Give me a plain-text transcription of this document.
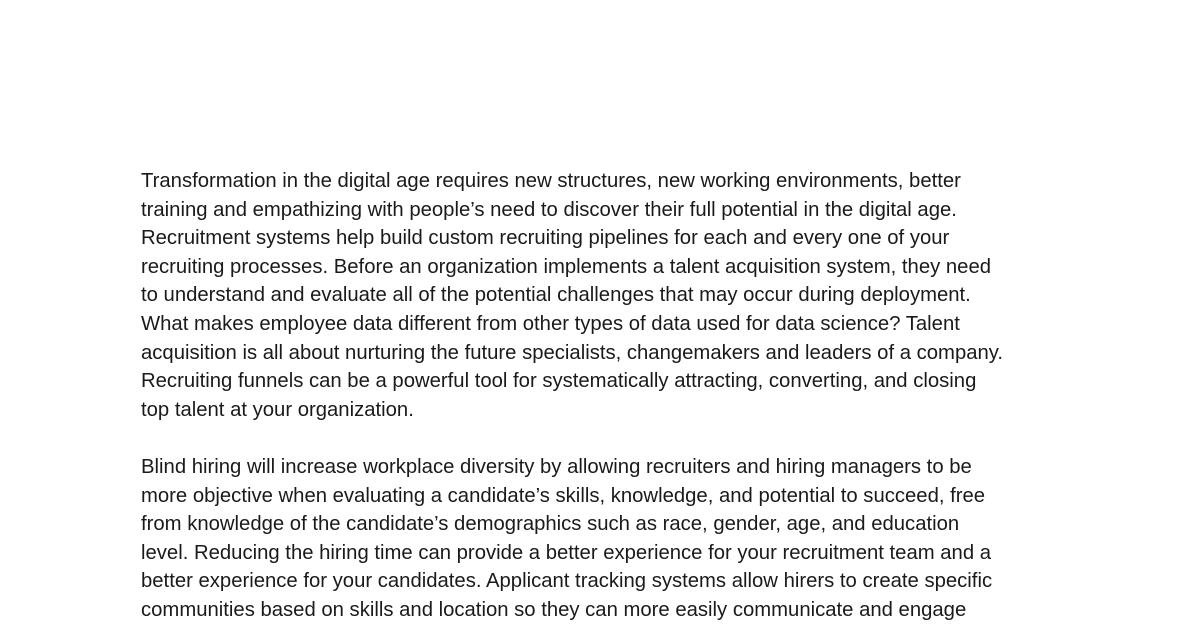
Transformation in the digital age requires new structures, new working environments, better
training and empathizing with people’s need to discover their full potential in the digital age.
Recruitment systems help build custom recruiting pipelines for each and every one of your
recruiting processes. Before an organization implements a talent acquisition system, they need
to understand and evaluate all of the potential challenges that may occur during deployment.
What makes employee data different from other types of data used for data science? Talent
acquisition is all about nurturing the future specialists, changemakers and leaders of a company.
Recruiting funnels can be a powerful tool for systematically attracting, converting, and closing
top talent at your organization.
Blind hiring will increase workplace diversity by allowing recruiters and hiring managers to be
more objective when evaluating a candidate’s skills, knowledge, and potential to succeed, free
from knowledge of the candidate’s demographics such as race, gender, age, and education
level. Reducing the hiring time can provide a better experience for your recruitment team and a
better experience for your candidates. Applicant tracking systems allow hirers to create specific
communities based on skills and location so they can more easily communicate and engage
